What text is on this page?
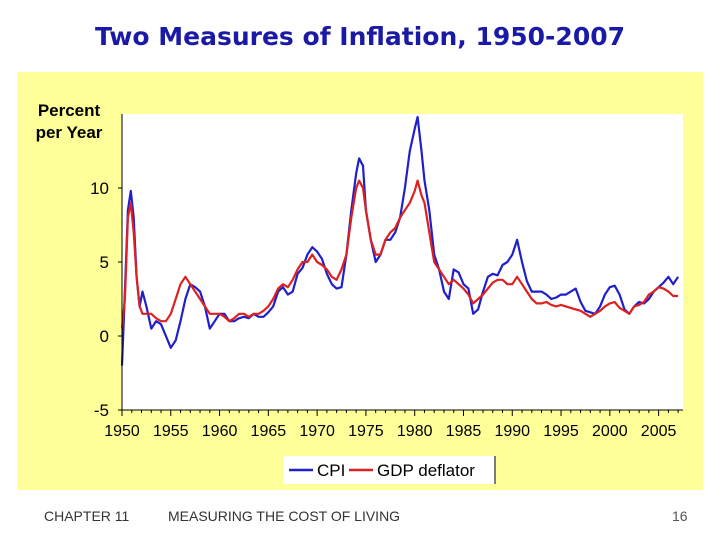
Two Measures of Inflation, 1950-2007
Percent
per Year
-5
0
5
10
1950 1955 1960 1965 1970 1975 1980 1985 1990 1995 2000 2005
CPI GDP deflator
CHAPTER 11	MEASURING THE COST OF LIVING	16
